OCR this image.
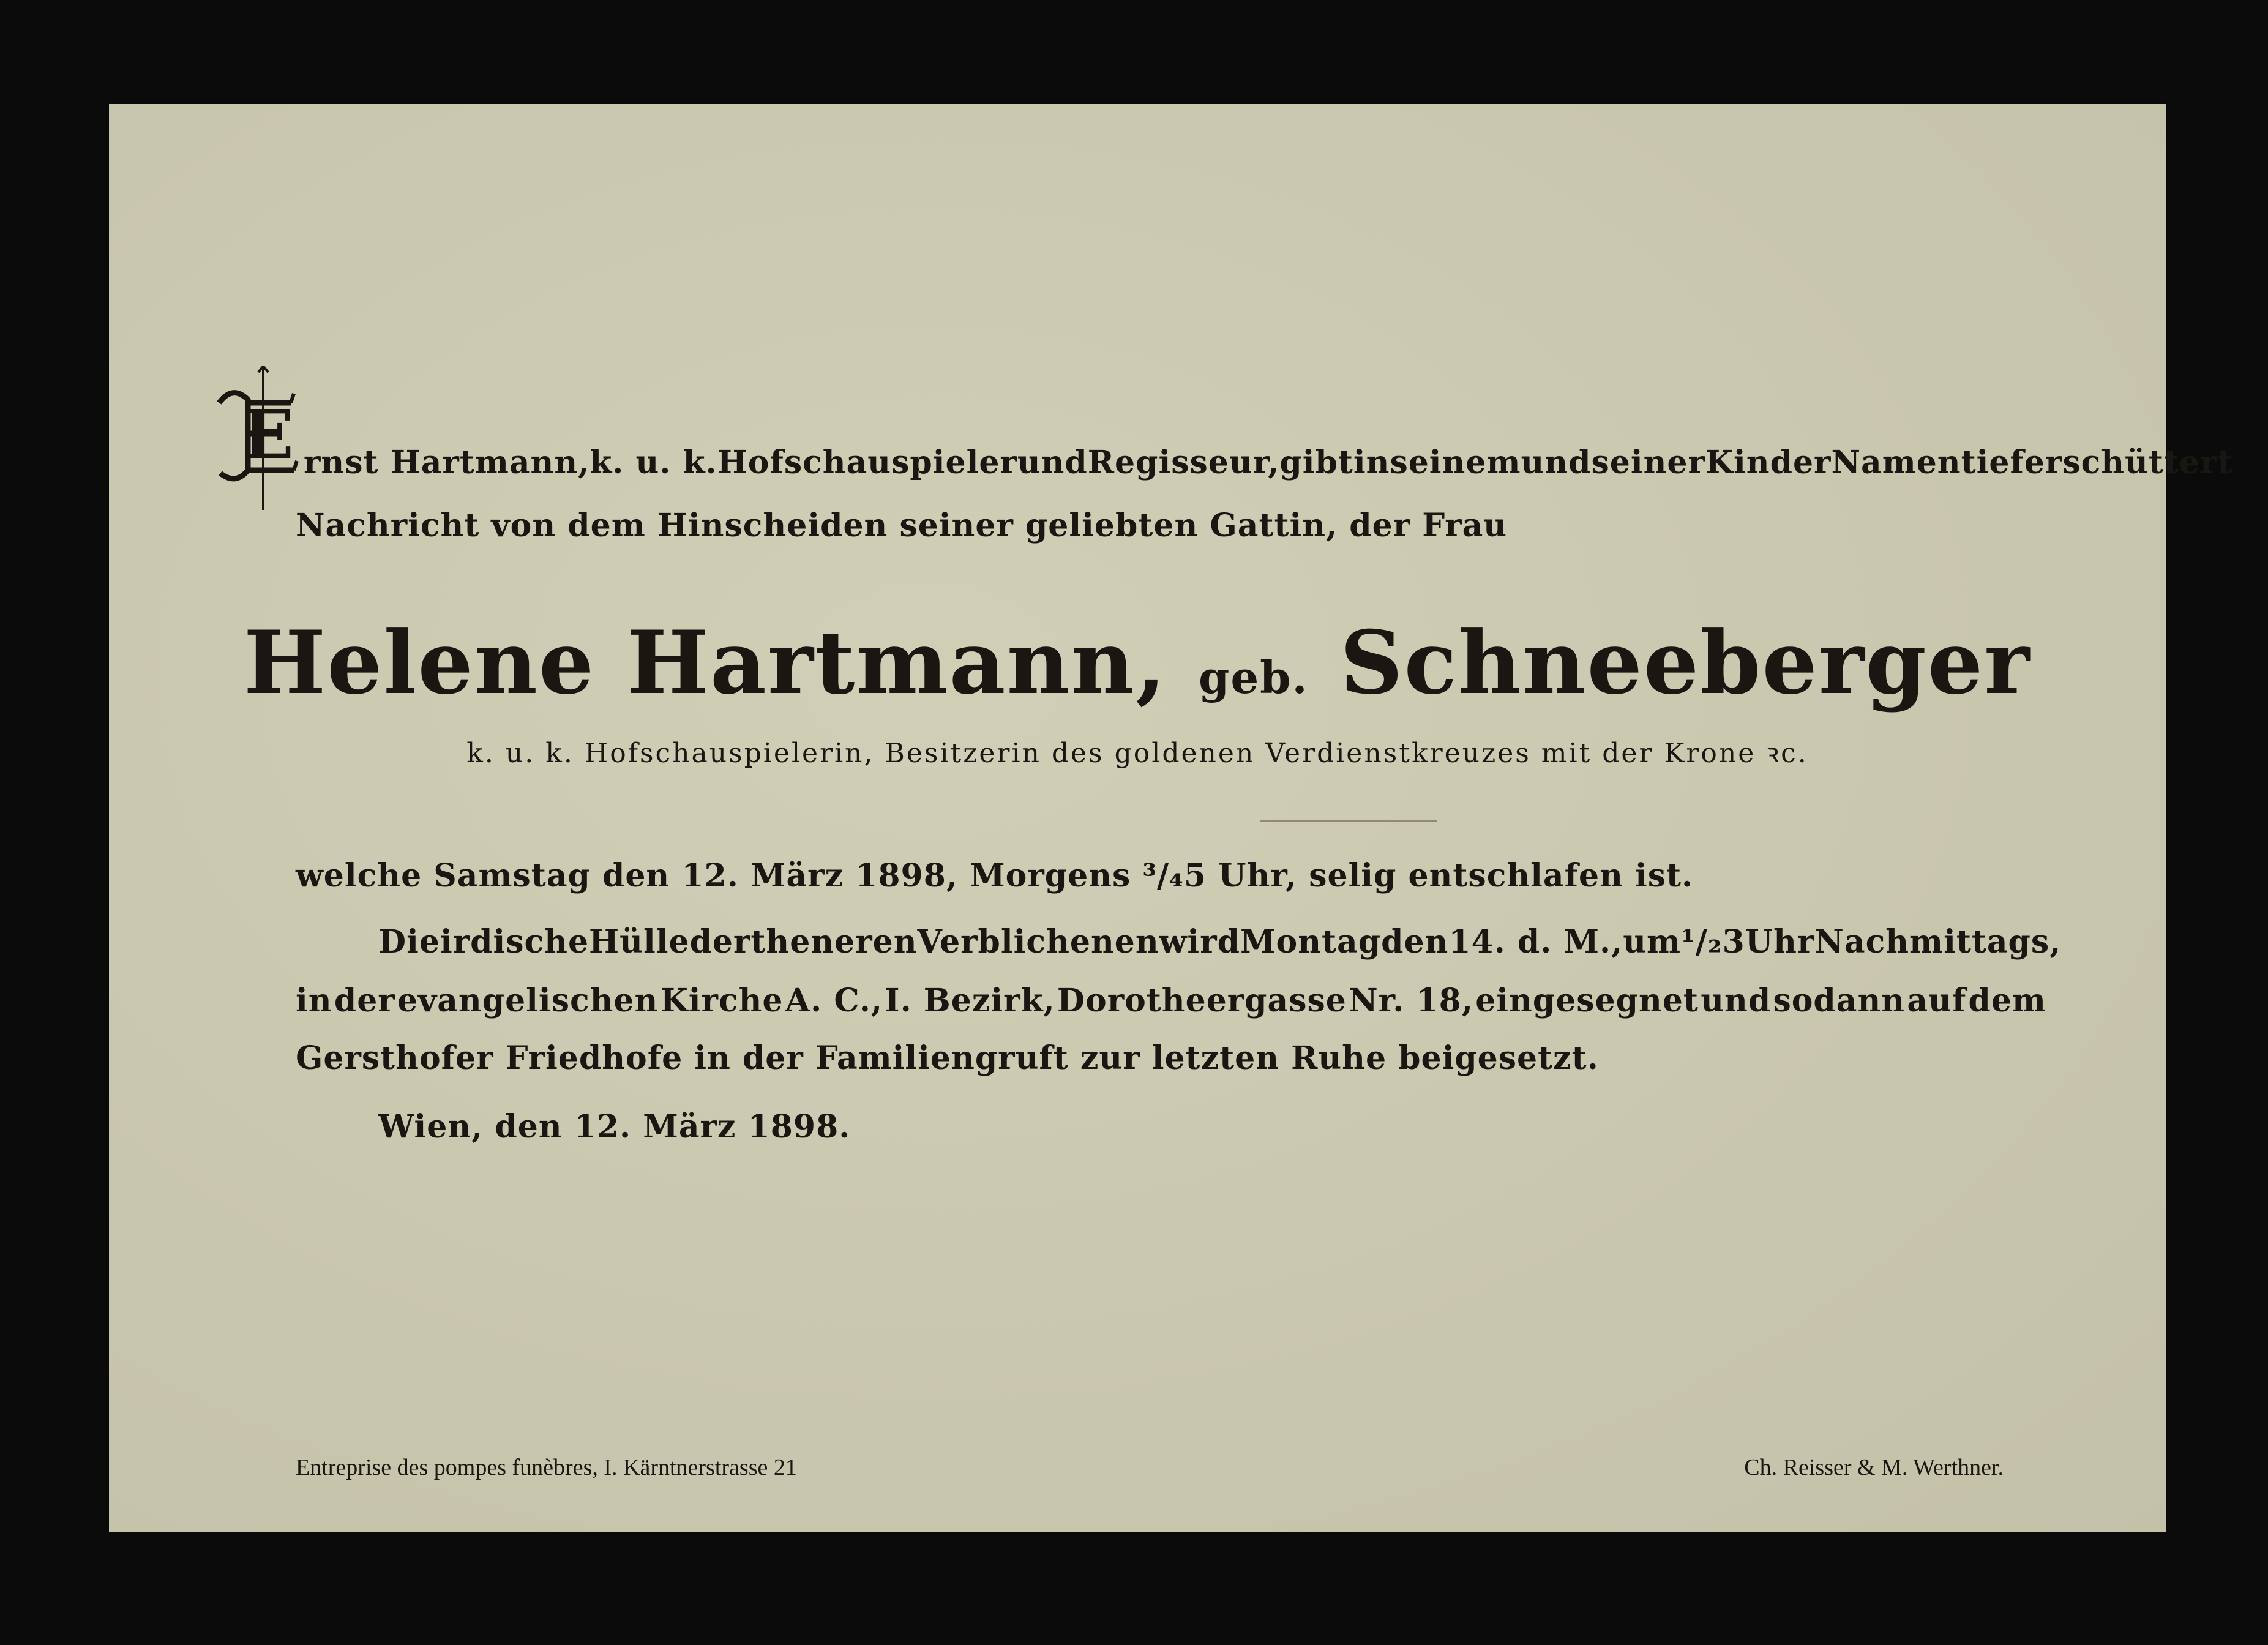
E rnst Hartmann, k. u. k. Hofschauspieler und Regisseur, gibt in seinem und seiner Kinder Namen tieferschüttert
Nachricht von dem Hinscheiden seiner geliebten Gattin, der Frau
Helene Hartmann, geb. Schneeberger
k. u. k. Hofschauspielerin, Besitzerin des goldenen Verdienstkreuzes mit der Krone ꝛc.
welche Samstag den 12. März 1898, Morgens ³/₄5 Uhr, selig entschlafen ist.
Die irdische Hülle der theneren Verblichenen wird Montag den 14. d. M., um ¹/₂3 Uhr Nachmittags,
in der evangelischen Kirche A. C., I. Bezirk, Dorotheergasse Nr. 18, eingesegnet und sodann auf dem
Gersthofer Friedhofe in der Familiengruft zur letzten Ruhe beigesetzt.
Wien, den 12. März 1898.
Entreprise des pompes funèbres, I. Kärntnerstrasse 21	Ch. Reisser & M. Werthner.
